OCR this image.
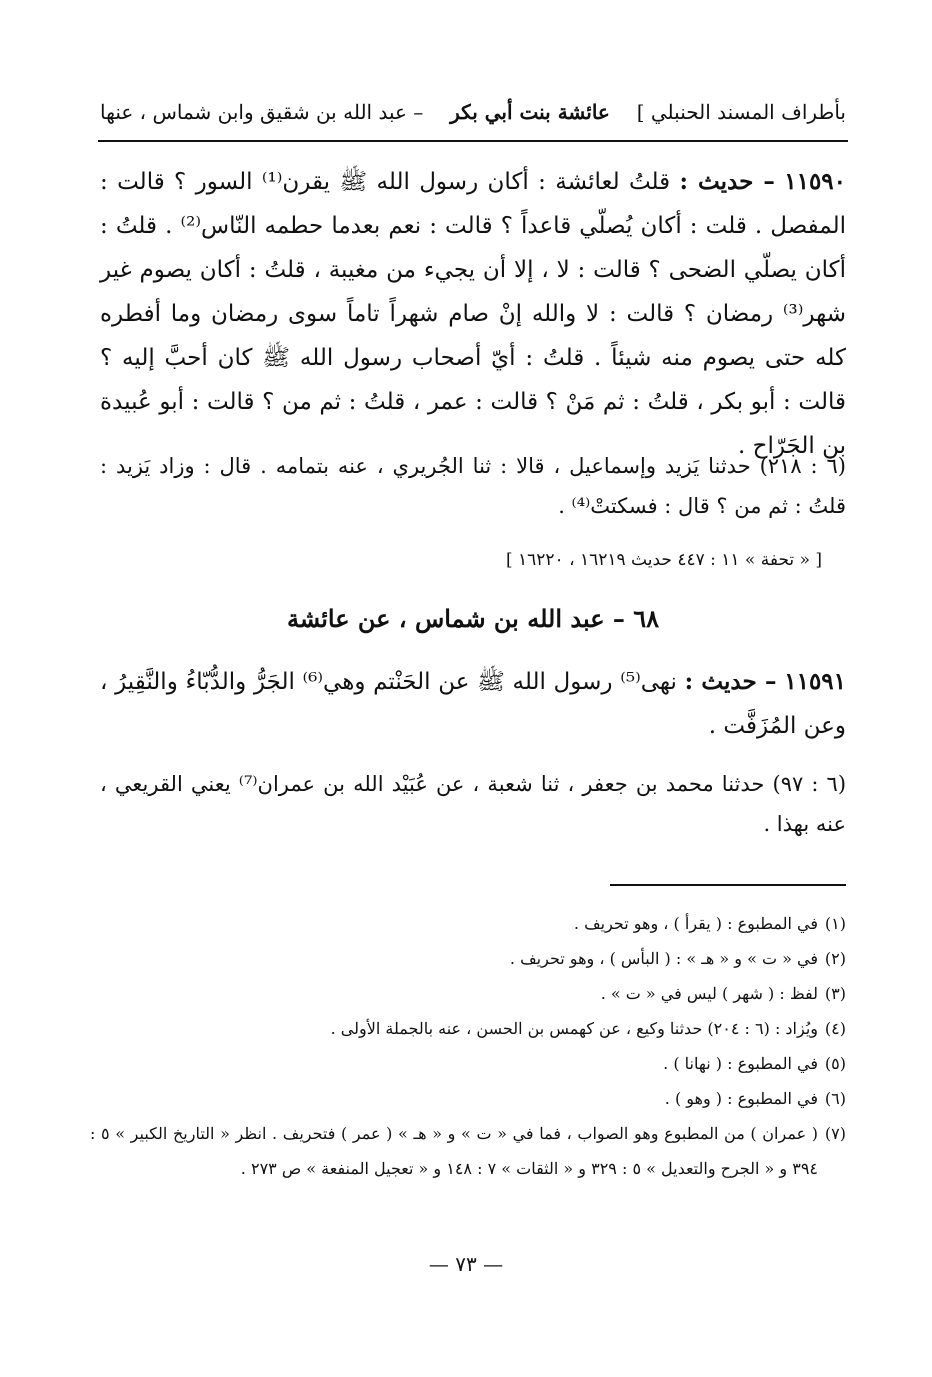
بأطراف المسند الحنبلي ]
عائشة بنت أبي بكر
– عبد الله بن شقيق وابن شماس ، عنها
١١٥٩٠ – حديث : قلتُ لعائشة : أكان رسول الله ﷺ يقرن⁽¹⁾ السور ؟ قالت : المفصل . قلت : أكان يُصلّي قاعداً ؟ قالت : نعم بعدما حطمه النّاس⁽²⁾ . قلتُ : أكان يصلّي الضحى ؟ قالت : لا ، إلا أن يجيء من مغيبة ، قلتُ : أكان يصوم غير شهر⁽³⁾ رمضان ؟ قالت : لا والله إنْ صام شهراً تاماً سوى رمضان وما أفطره كله حتى يصوم منه شيئاً . قلتُ : أيّ أصحاب رسول الله ﷺ كان أحبَّ إليه ؟ قالت : أبو بكر ، قلتُ : ثم مَنْ ؟ قالت : عمر ، قلتُ : ثم من ؟ قالت : أبو عُبيدة بن الجَرّاح .
(٦ : ٢١٨) حدثنا يَزيد وإسماعيل ، قالا : ثنا الجُريري ، عنه بتمامه . قال : وزاد يَزيد : قلتُ : ثم من ؟ قال : فسكتتْ⁽⁴⁾ .
[ « تحفة » ١١ : ٤٤٧ حديث ١٦٢١٩ ، ١٦٢٢٠ ]
٦٨ – عبد الله بن شماس ، عن عائشة
١١٥٩١ – حديث : نهى⁽⁵⁾ رسول الله ﷺ عن الحَنْتم وهي⁽⁶⁾ الجَرُّ والدُّبّاءُ والنَّقِيرُ ، وعن المُزَفَّت .
(٦ : ٩٧) حدثنا محمد بن جعفر ، ثنا شعبة ، عن عُبَيْد الله بن عمران⁽⁷⁾ يعني القريعي ، عنه بهذا .
(١)
في المطبوع : ( يقرأ ) ، وهو تحريف .
(٢)
في « ت » و « هـ » : ( البأس ) ، وهو تحريف .
(٣)
لفظ : ( شهر ) ليس في « ت » .
(٤)
ويُزاد : (٦ : ٢٠٤) حدثنا وكيع ، عن كهمس بن الحسن ، عنه بالجملة الأولى .
(٥)
في المطبوع : ( نهانا ) .
(٦)
في المطبوع : ( وهو ) .
(٧)
( عمران ) من المطبوع وهو الصواب ، فما في « ت » و « هـ » ( عمر ) فتحريف . انظر « التاريخ الكبير » ٥ : ٣٩٤ و « الجرح والتعديل » ٥ : ٣٢٩ و « الثقات » ٧ : ١٤٨ و « تعجيل المنفعة » ص ٢٧٣ .
— ٧٣ —
